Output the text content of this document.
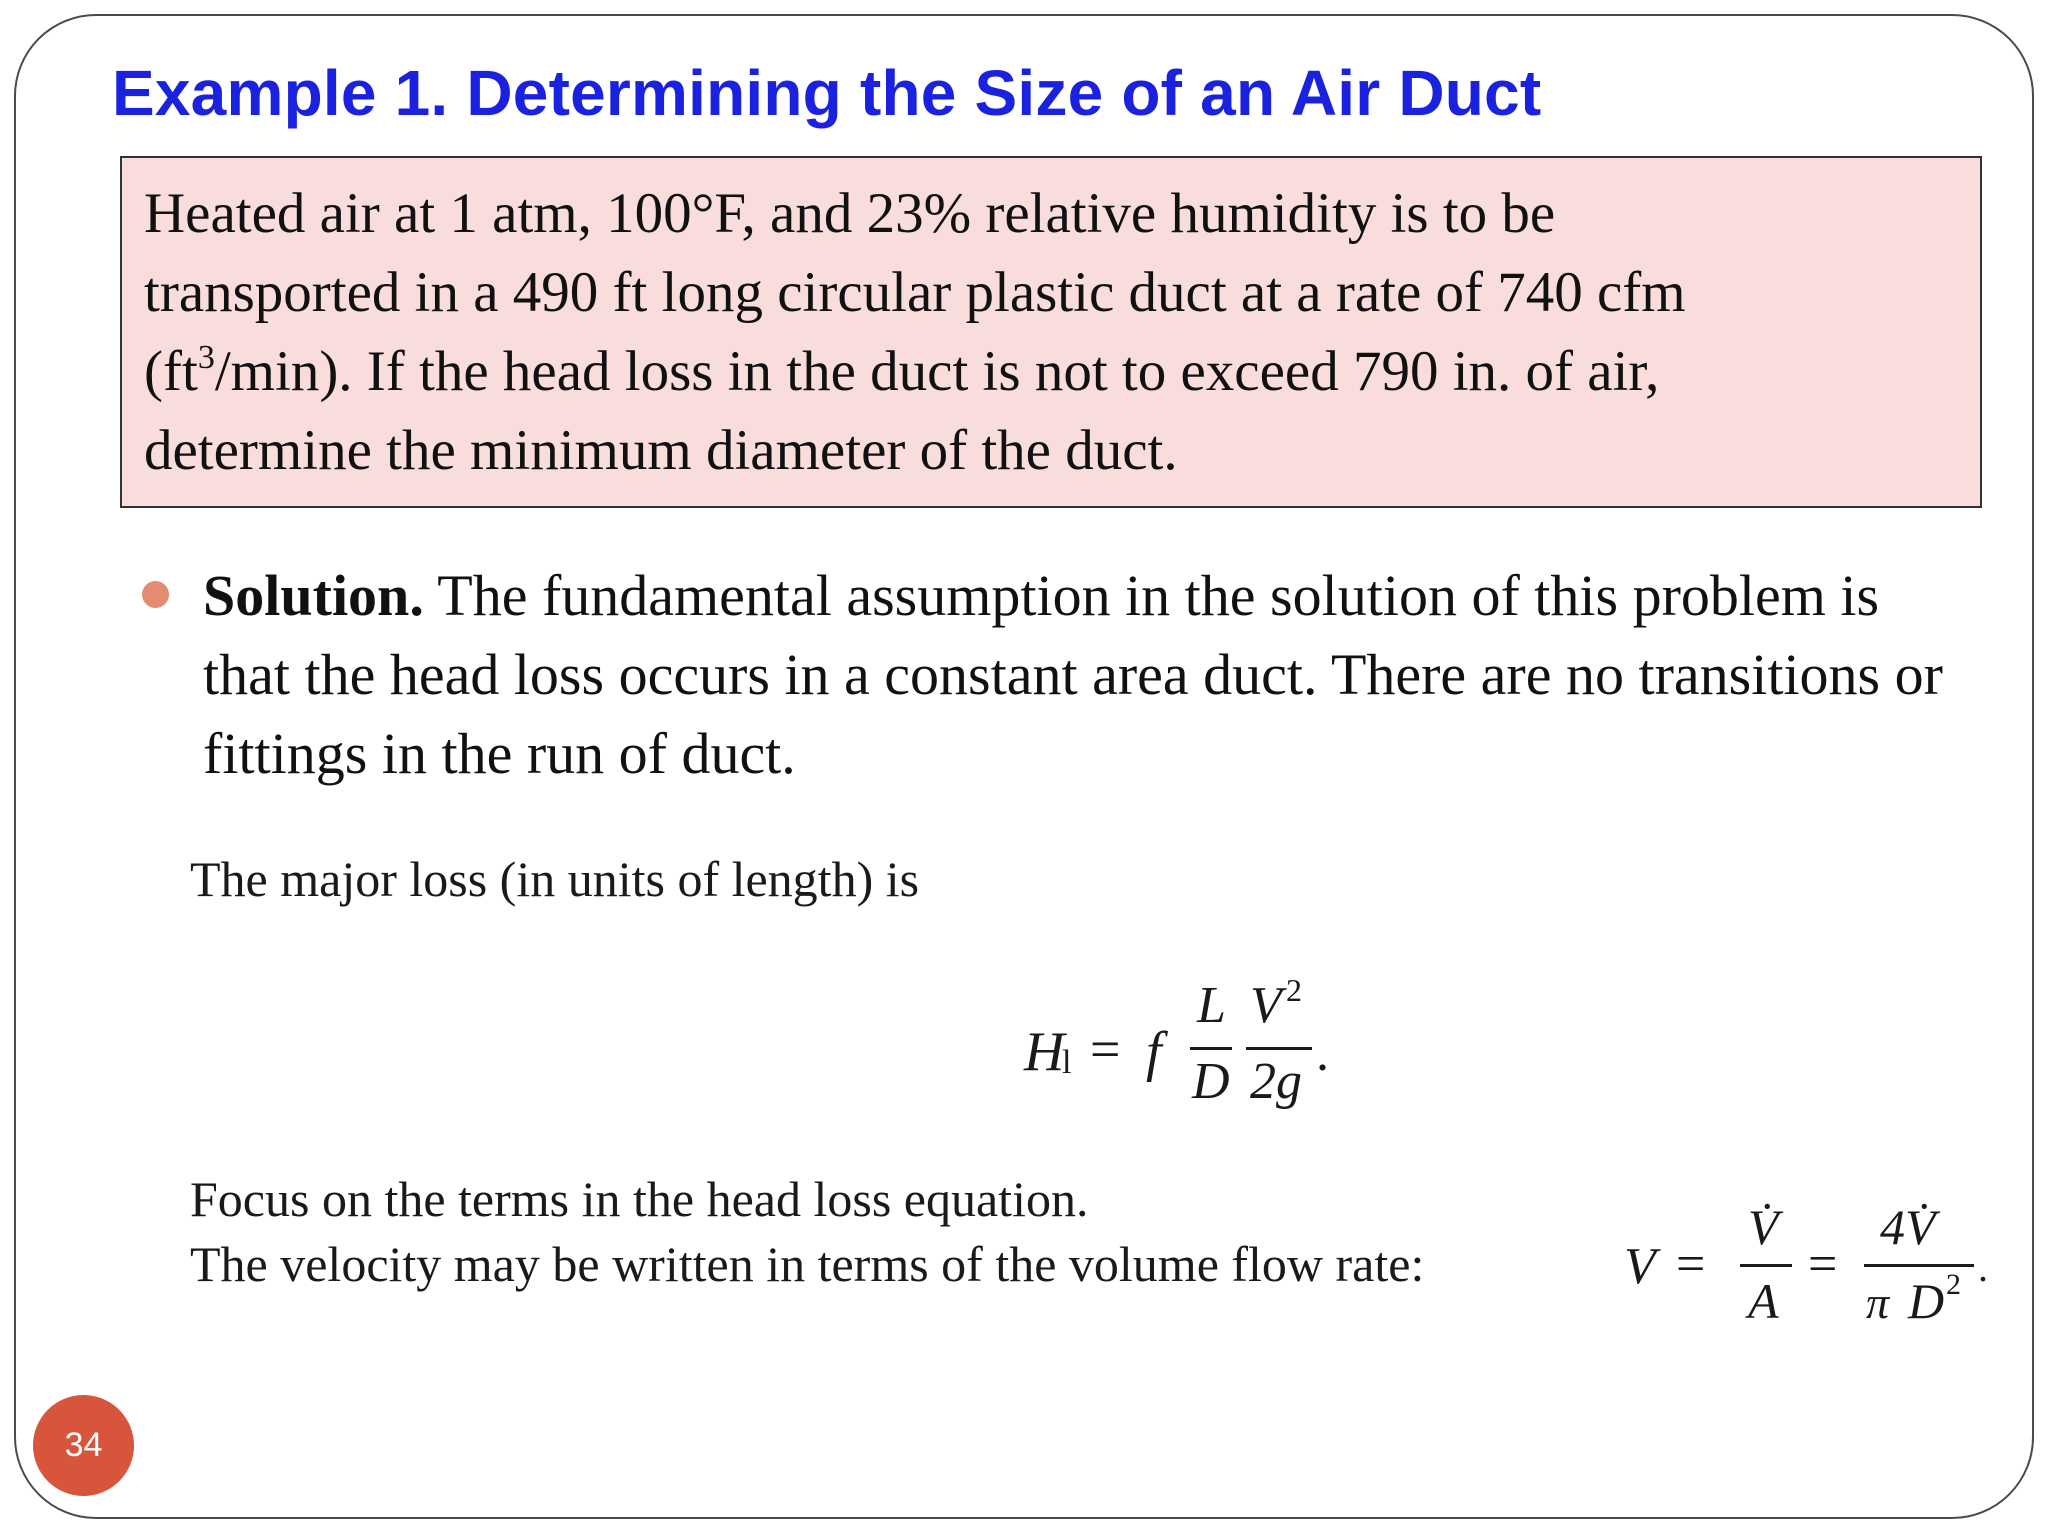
Example 1. Determining the Size of an Air Duct
Heated air at 1 atm, 100°F, and 23% relative humidity is to be
transported in a 490 ft long circular plastic duct at a rate of 740 cfm
$(ft^3/\min)$. If the head loss in the duct is not to exceed 790 in. of air,
determine the minimum diameter of the duct.
Solution. The fundamental assumption in the solution of this problem is that the head loss occurs in a constant area duct. There are no transitions or fittings in the run of duct.
The major loss (in units of length) is
H
l = f
L
D
V 2
2g .
Focus on the terms in the head loss equation.
The velocity may be written in terms of the volume flow rate:	V =
V̇
A
=
4V̇
π D 2 .
34
